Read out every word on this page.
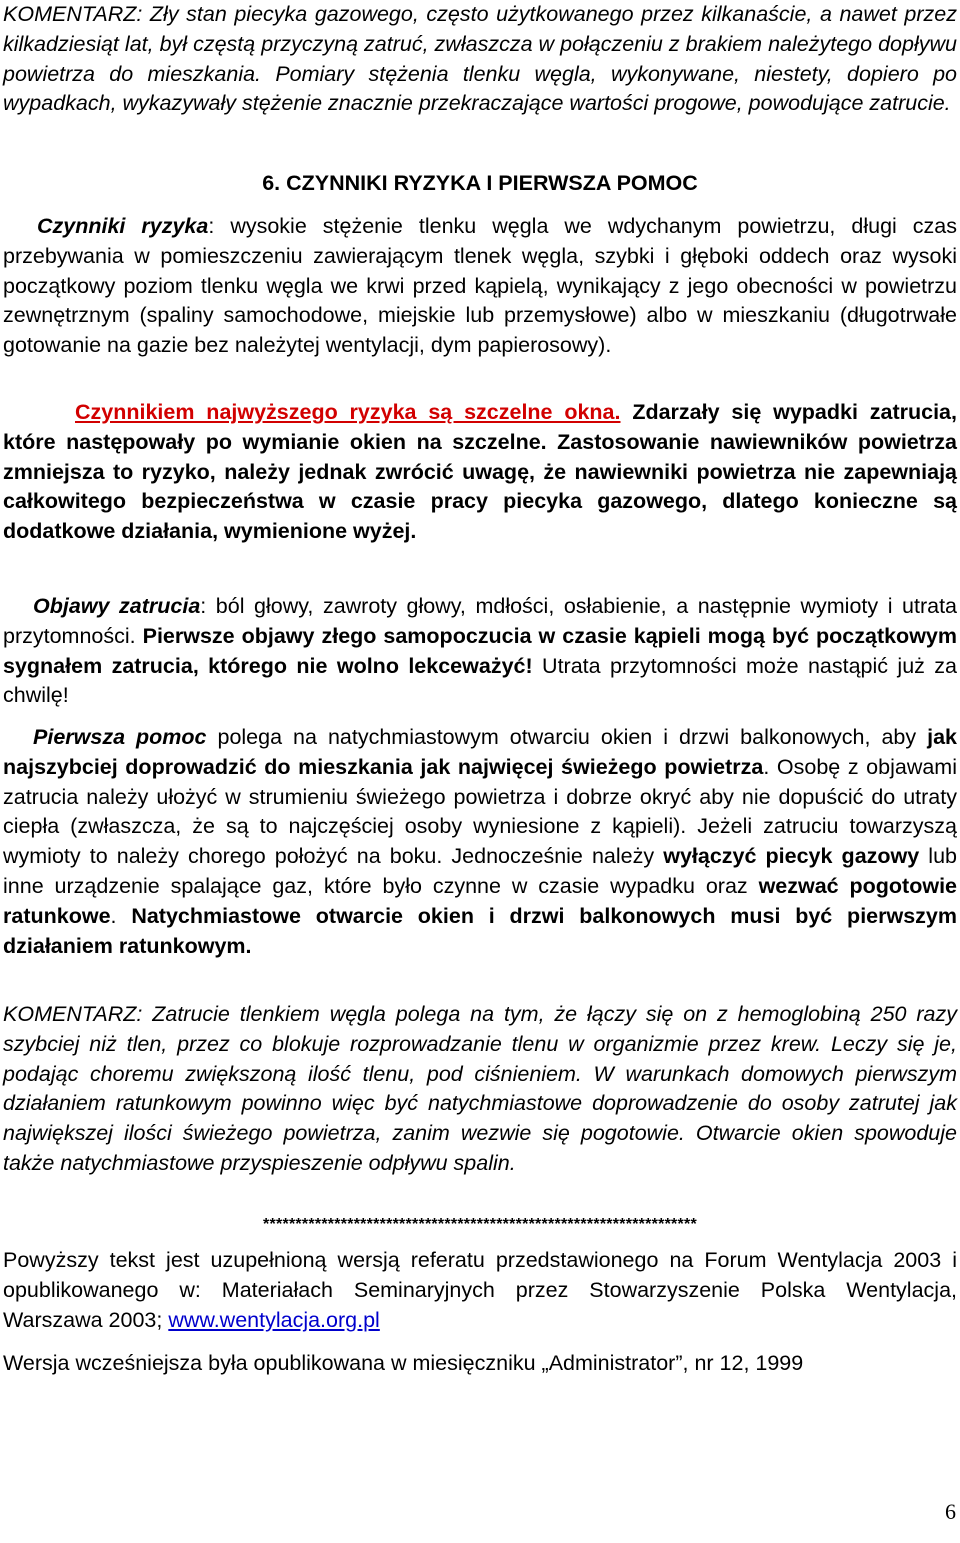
KOMENTARZ: Zły stan piecyka gazowego, często użytkowanego przez kilkanaście, a nawet przez kilkadziesiąt lat, był częstą przyczyną zatruć, zwłaszcza w połączeniu z brakiem należytego dopływu powietrza do mieszkania. Pomiary stężenia tlenku węgla, wykonywane, niestety, dopiero po wypadkach, wykazywały stężenie znacznie przekraczające wartości progowe, powodujące zatrucie.

6. CZYNNIKI RYZYKA I PIERWSZA POMOC

Czynniki ryzyka: wysokie stężenie tlenku węgla we wdychanym powietrzu, długi czas przebywania w pomieszczeniu zawierającym tlenek węgla, szybki i głęboki oddech oraz wysoki początkowy poziom tlenku węgla we krwi przed kąpielą, wynikający z jego obecności w powietrzu zewnętrznym (spaliny samochodowe, miejskie lub przemysłowe) albo w mieszkaniu (długotrwałe gotowanie na gazie bez należytej wentylacji, dym papierosowy).

Czynnikiem najwyższego ryzyka są szczelne okna. Zdarzały się wypadki zatrucia, które następowały po wymianie okien na szczelne. Zastosowanie nawiewników powietrza zmniejsza to ryzyko, należy jednak zwrócić uwagę, że nawiewniki powietrza nie zapewniają całkowitego bezpieczeństwa w czasie pracy piecyka gazowego, dlatego konieczne są dodatkowe działania, wymienione wyżej.

Objawy zatrucia: ból głowy, zawroty głowy, mdłości, osłabienie, a następnie wymioty i utrata przytomności. Pierwsze objawy złego samopoczucia w czasie kąpieli mogą być początkowym sygnałem zatrucia, którego nie wolno lekceważyć! Utrata przytomności może nastąpić już za chwilę!

Pierwsza pomoc polega na natychmiastowym otwarciu okien i drzwi balkonowych, aby jak najszybciej doprowadzić do mieszkania jak najwięcej świeżego powietrza. Osobę z objawami zatrucia należy ułożyć w strumieniu świeżego powietrza i dobrze okryć aby nie dopuścić do utraty ciepła (zwłaszcza, że są to najczęściej osoby wyniesione z kąpieli). Jeżeli zatruciu towarzyszą wymioty to należy chorego położyć na boku. Jednocześnie należy wyłączyć piecyk gazowy lub inne urządzenie spalające gaz, które było czynne w czasie wypadku oraz wezwać pogotowie ratunkowe. Natychmiastowe otwarcie okien i drzwi balkonowych musi być pierwszym działaniem ratunkowym.

KOMENTARZ: Zatrucie tlenkiem węgla polega na tym, że łączy się on z hemoglobiną 250 razy szybciej niż tlen, przez co blokuje rozprowadzanie tlenu w organizmie przez krew. Leczy się je, podając choremu zwiększoną ilość tlenu, pod ciśnieniem. W warunkach domowych pierwszym działaniem ratunkowym powinno więc być natychmiastowe doprowadzenie do osoby zatrutej jak największej ilości świeżego powietrza, zanim wezwie się pogotowie. Otwarcie okien spowoduje także natychmiastowe przyspieszenie odpływu spalin.

*******************************************************************

Powyższy tekst jest uzupełnioną wersją referatu przedstawionego na Forum Wentylacja 2003 i opublikowanego w: Materiałach Seminaryjnych przez Stowarzyszenie Polska Wentylacja, Warszawa 2003; www.wentylacja.org.pl

Wersja wcześniejsza była opublikowana w miesięczniku „Administrator”, nr 12, 1999

6
